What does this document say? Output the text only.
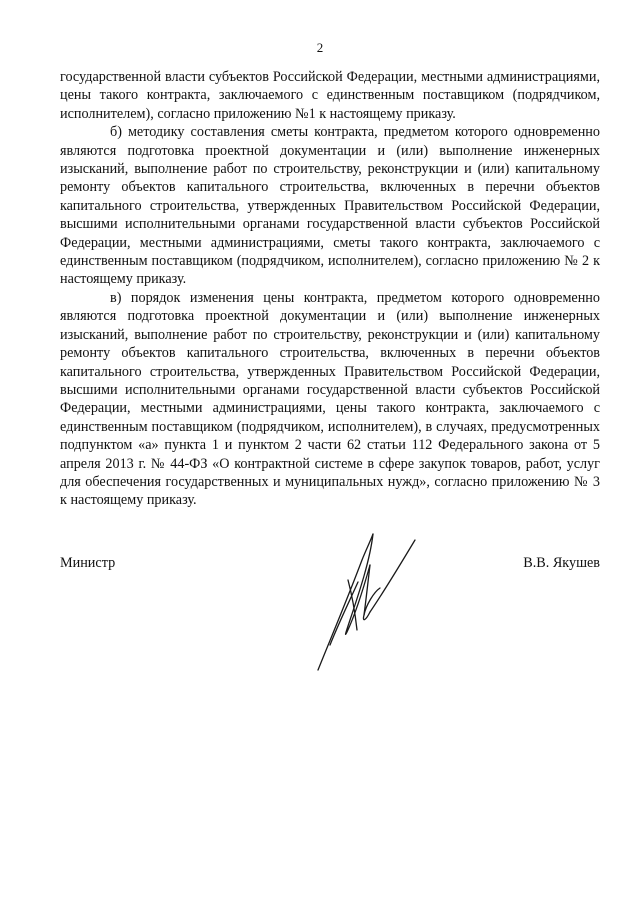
2

государственной власти субъектов Российской Федерации, местными администрациями, цены такого контракта, заключаемого с единственным поставщиком (подрядчиком, исполнителем), согласно приложению №1 к настоящему приказу.

б) методику составления сметы контракта, предметом которого одновременно являются подготовка проектной документации и (или) выполнение инженерных изысканий, выполнение работ по строительству, реконструкции и (или) капитальному ремонту объектов капитального строительства, включенных в перечни объектов капитального строительства, утвержденных Правительством Российской Федерации, высшими исполнительными органами государственной власти субъектов Российской Федерации, местными администрациями, сметы такого контракта, заключаемого с единственным поставщиком (подрядчиком, исполнителем), согласно приложению № 2 к настоящему приказу.

в) порядок изменения цены контракта, предметом которого одновременно являются подготовка проектной документации и (или) выполнение инженерных изысканий, выполнение работ по строительству, реконструкции и (или) капитальному ремонту объектов капитального строительства, включенных в перечни объектов капитального строительства, утвержденных Правительством Российской Федерации, высшими исполнительными органами государственной власти субъектов Российской Федерации, местными администрациями, цены такого контракта, заключаемого с единственным поставщиком (подрядчиком, исполнителем), в случаях, предусмотренных подпунктом «а» пункта 1 и пунктом 2 части 62 статьи 112 Федерального закона от 5 апреля 2013 г. № 44-ФЗ «О контрактной системе в сфере закупок товаров, работ, услуг для обеспечения государственных и муниципальных нужд», согласно приложению № 3 к настоящему приказу.

Министр	В.В. Якушев
